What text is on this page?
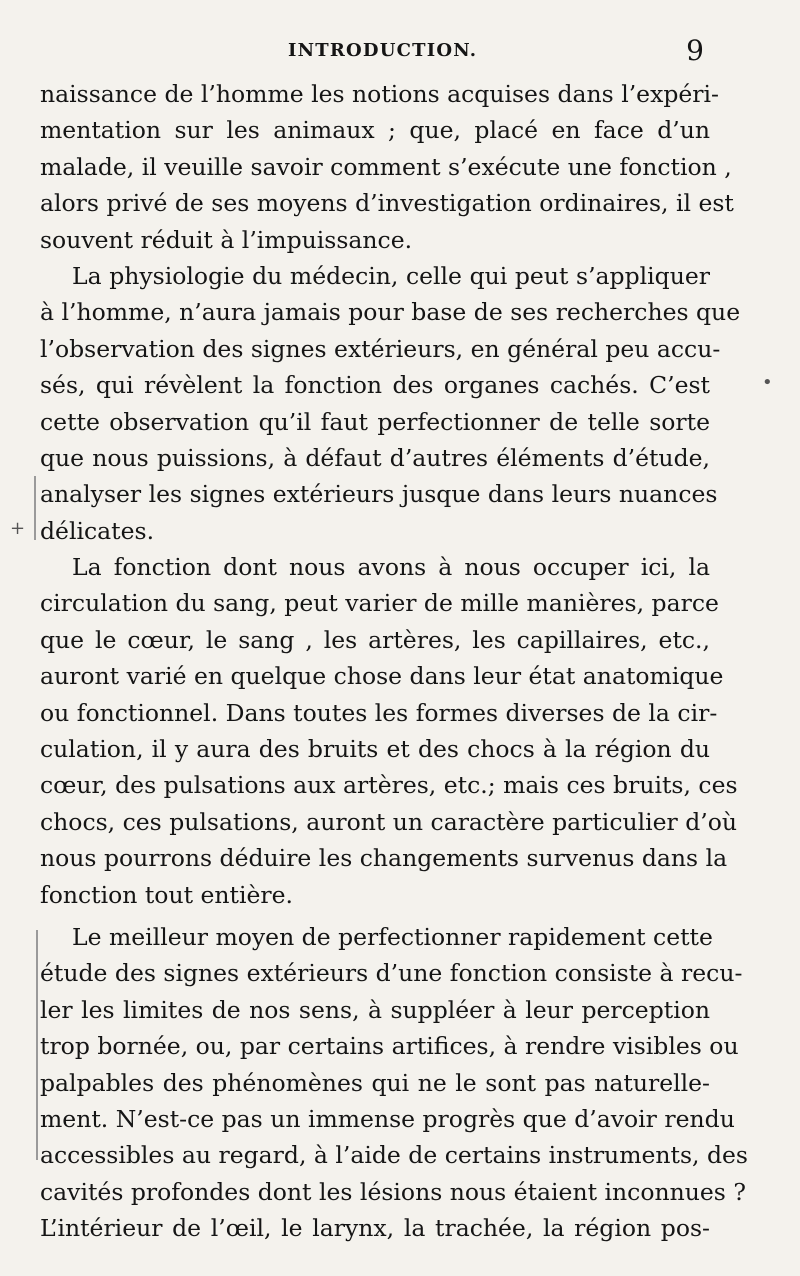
INTRODUCTION.	9
naissance de l’homme les notions acquises dans l’expéri-
mentation sur les animaux ; que, placé en face d’un
malade, il veuille savoir comment s’exécute une fonction ,
alors privé de ses moyens d’investigation ordinaires, il est
souvent réduit à l’impuissance.
La physiologie du médecin, celle qui peut s’appliquer
à l’homme, n’aura jamais pour base de ses recherches que
l’observation des signes extérieurs, en général peu accu-
sés, qui révèlent la fonction des organes cachés. C’est
cette observation qu’il faut perfectionner de telle sorte
que nous puissions, à défaut d’autres éléments d’étude,
analyser les signes extérieurs jusque dans leurs nuances
délicates.
La fonction dont nous avons à nous occuper ici, la
circulation du sang, peut varier de mille manières, parce
que le cœur, le sang , les artères, les capillaires, etc.,
auront varié en quelque chose dans leur état anatomique
ou fonctionnel. Dans toutes les formes diverses de la cir-
culation, il y aura des bruits et des chocs à la région du
cœur, des pulsations aux artères, etc.; mais ces bruits, ces
chocs, ces pulsations, auront un caractère particulier d’où
nous pourrons déduire les changements survenus dans la
fonction tout entière.
Le meilleur moyen de perfectionner rapidement cette
étude des signes extérieurs d’une fonction consiste à recu-
ler les limites de nos sens, à suppléer à leur perception
trop bornée, ou, par certains artifices, à rendre visibles ou
palpables des phénomènes qui ne le sont pas naturelle-
ment. N’est-ce pas un immense progrès que d’avoir rendu
accessibles au regard, à l’aide de certains instruments, des
cavités profondes dont les lésions nous étaient inconnues ?
L’intérieur de l’œil, le larynx, la trachée, la région pos-
•
+
